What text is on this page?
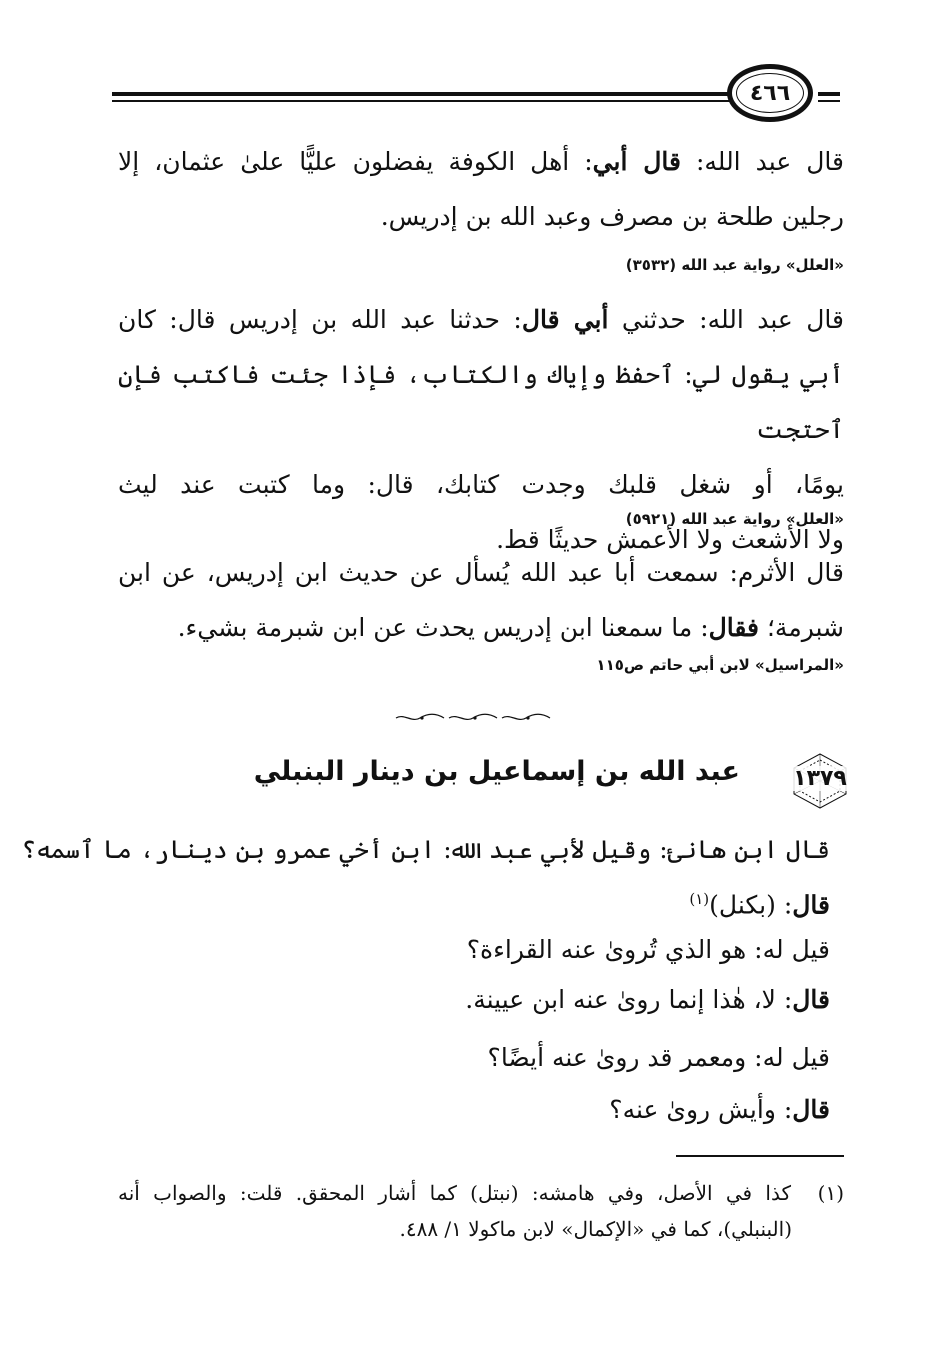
٤٦٦
قال عبد الله: قال أبي: أهل الكوفة يفضلون عليًّا علىٰ عثمان، إلا
رجلين طلحة بن مصرف وعبد الله بن إدريس.
«العلل» رواية عبد الله (٣٥٣٢)
قال عبد الله: حدثني أبي قال: حدثنا عبد الله بن إدريس قال: كان
أبي يقول لي: ٱحفظ وإياك والكتاب، فإذا جئت فاكتب فإن ٱحتجت
يومًا، أو شغل قلبك وجدت كتابك، قال: وما كتبت عند ليث
ولا الأشعث ولا الأعمش حديثًا قط.
«العلل» رواية عبد الله (٥٩٢١)
قال الأثرم: سمعت أبا عبد الله يُسأل عن حديث ابن إدريس، عن ابن
شبرمة؛ فقال: ما سمعنا ابن إدريس يحدث عن ابن شبرمة بشيء.
«المراسيل» لابن أبي حاتم ص١١٥
١٣٧٩
عبد الله بن إسماعيل بن دينار البنبلي
قال ابن هانئ: وقيل لأبي عبد الله: ابن أخي عمرو بن دينار، ما ٱسمه؟
قال: (بكنل)$^{(١)}$
قيل له: هو الذي تُرویٰ عنه القراءة؟
قال: لا، هٰذا إنما رویٰ عنه ابن عيينة.
قيل له: ومعمر قد رویٰ عنه أيضًا؟
قال: وأيش رویٰ عنه؟
(١)  كذا في الأصل، وفي هامشه: (نبتل) كما أشار المحقق. قلت: والصواب أنه
(البنبلي)، كما في «الإكمال» لابن ماكولا ١/ ٤٨٨.
